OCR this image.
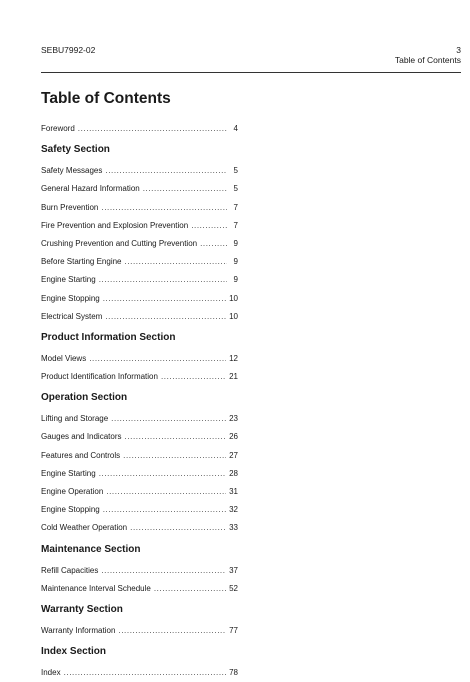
SEBU7992-02	3
Table of Contents
Table of Contents
Foreword .....	4
Safety Section
Safety Messages .....	5
General Hazard Information .....	5
Burn Prevention .....	7
Fire Prevention and Explosion Prevention .....	7
Crushing Prevention and Cutting Prevention .....	9
Before Starting Engine .....	9
Engine Starting .....	9
Engine Stopping .....	10
Electrical System .....	10
Product Information Section
Model Views .....	12
Product Identification Information .....	21
Operation Section
Lifting and Storage .....	23
Gauges and Indicators .....	26
Features and Controls .....	27
Engine Starting .....	28
Engine Operation .....	31
Engine Stopping .....	32
Cold Weather Operation .....	33
Maintenance Section
Refill Capacities .....	37
Maintenance Interval Schedule .....	52
Warranty Section
Warranty Information .....	77
Index Section
Index .....	78
